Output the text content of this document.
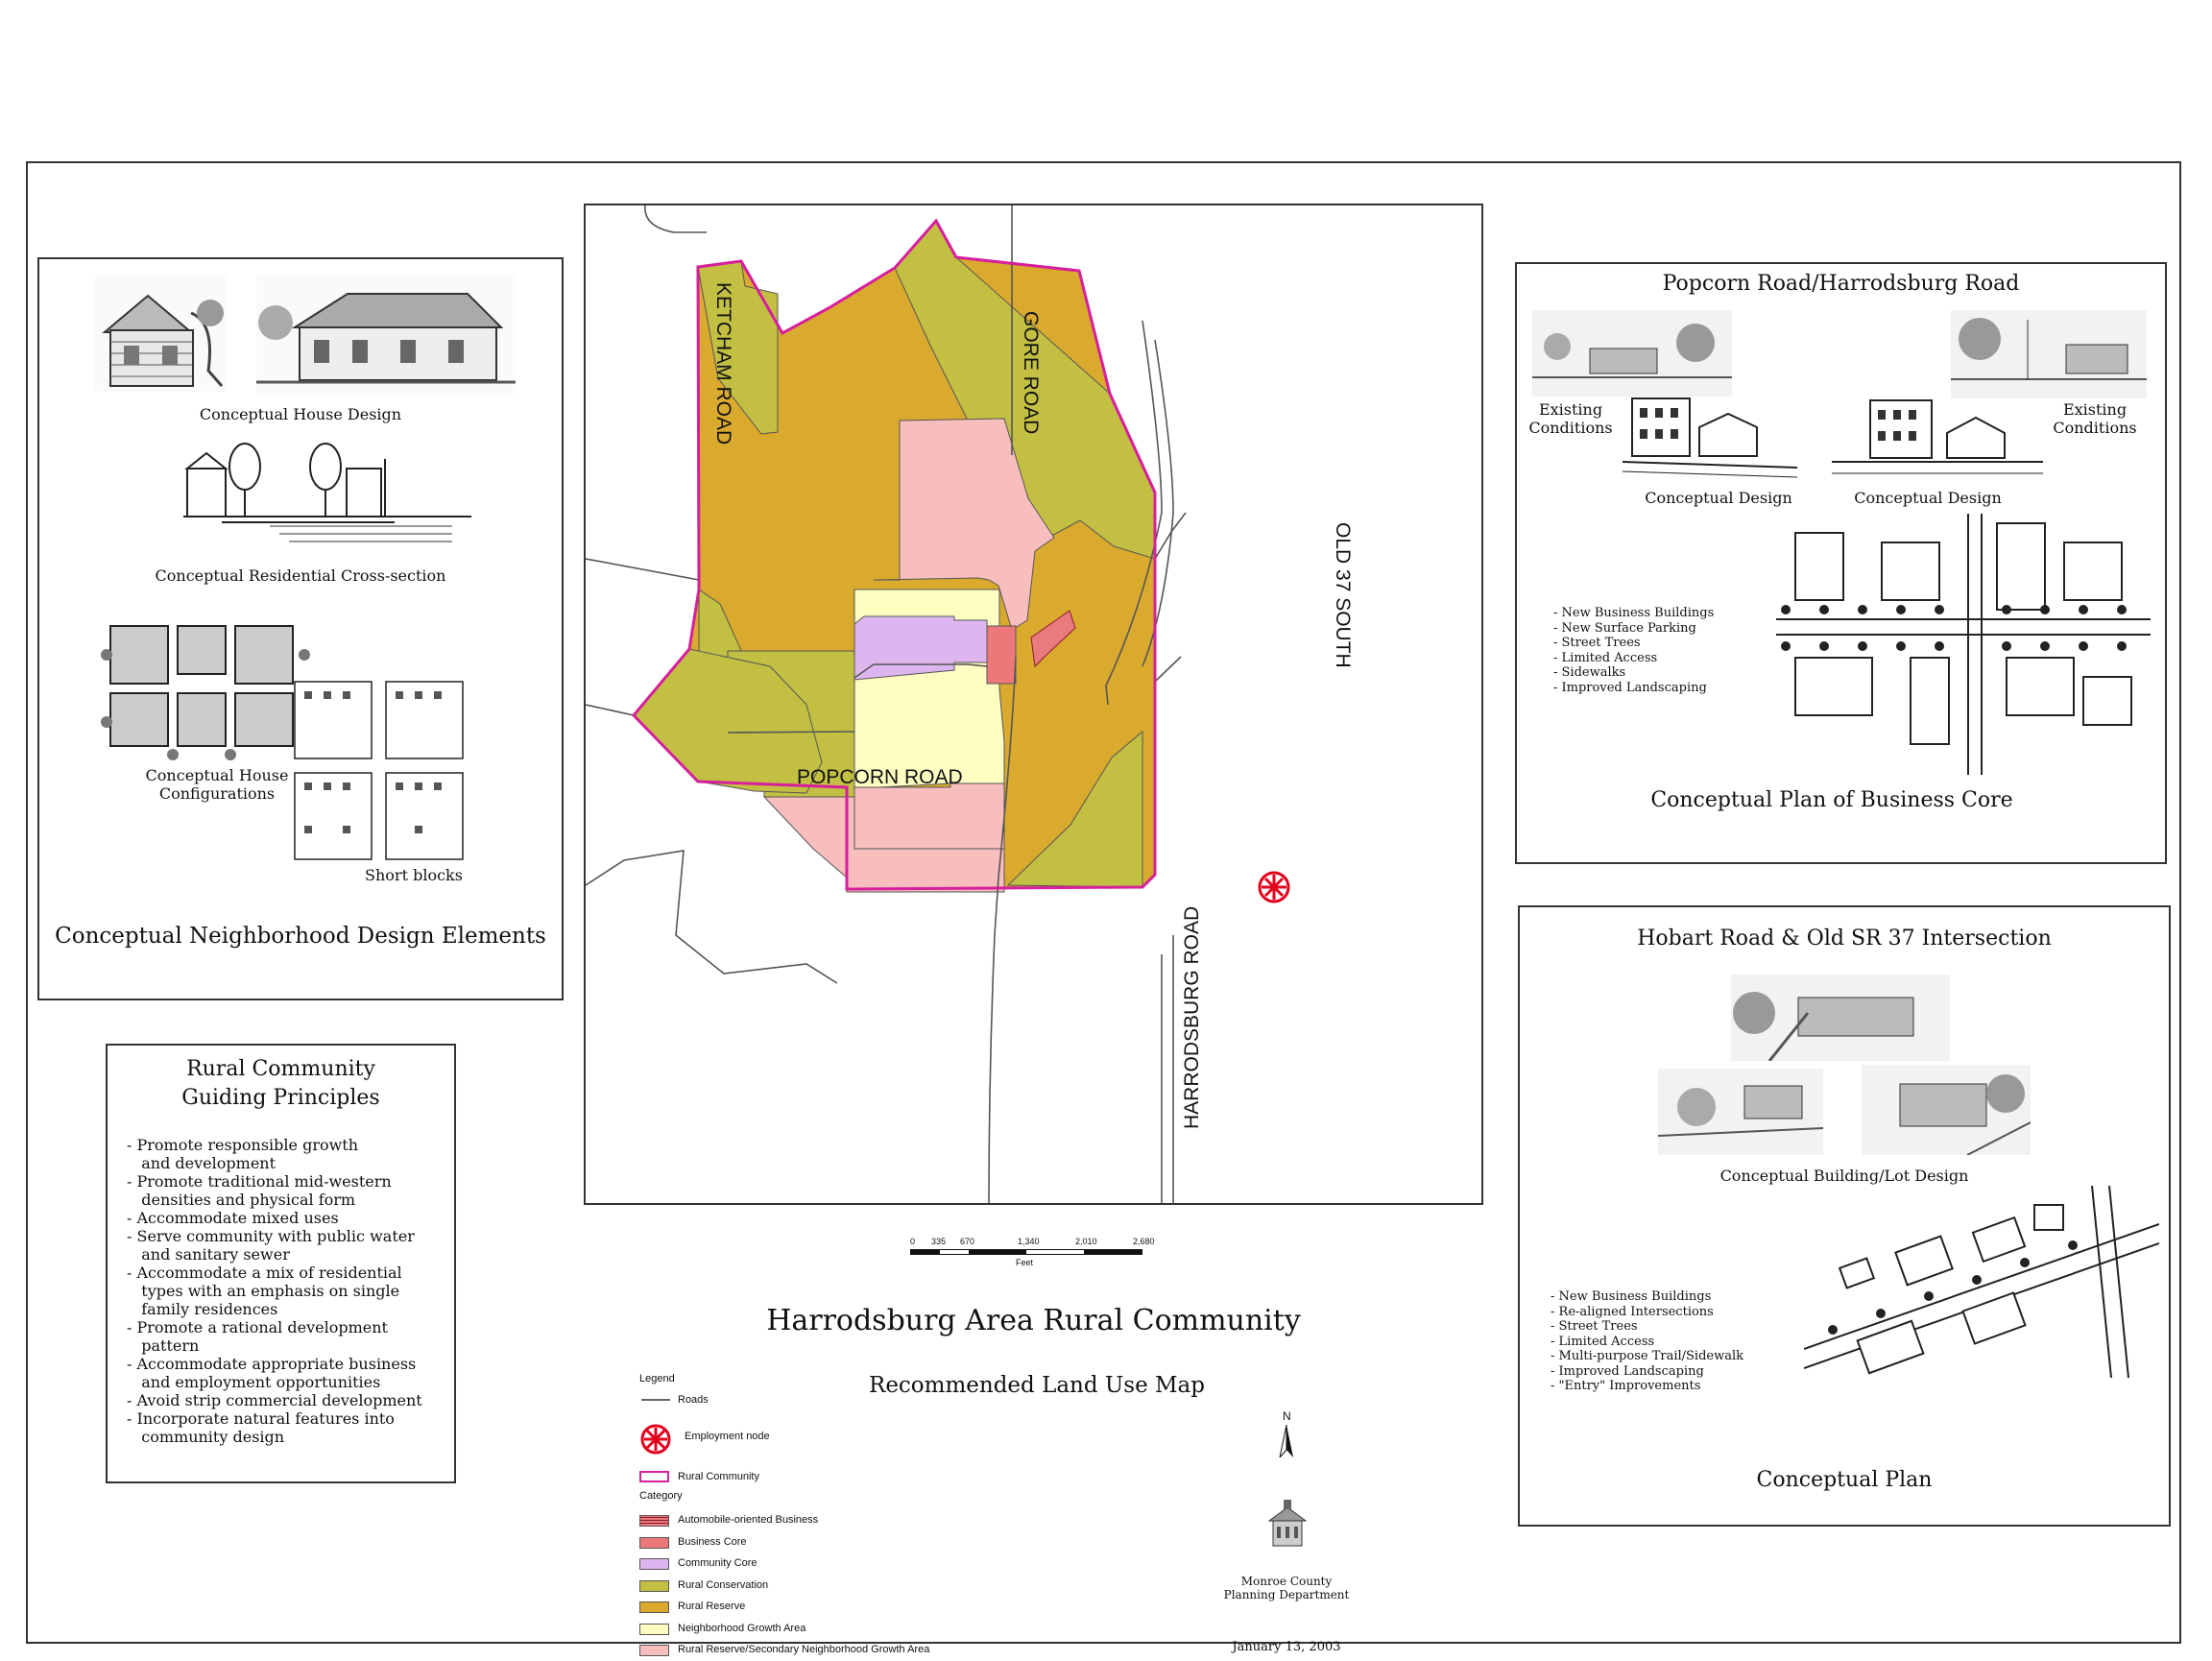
Conceptual House Design
Conceptual Residential Cross-section
Conceptual House
Configurations
Short blocks
Conceptual Neighborhood Design Elements
Rural Community
Guiding Principles
- Promote responsible growth
and development
- Promote traditional mid-western
densities and physical form
- Accommodate mixed uses
- Serve community with public water
and sanitary sewer
- Accommodate a mix of residential
types with an emphasis on single
family residences
- Promote a rational development
pattern
- Accommodate appropriate business
and employment opportunities
- Avoid strip commercial development
- Incorporate natural features into
community design
KETCHAM ROAD	GORE ROAD
OLD 37 SOUTH
POPCORN ROAD
HARRODSBURG ROAD
0 335 670	1,340	2,010	2,680
Feet
Harrodsburg Area Rural Community
Recommended Land Use Map
Legend
Roads
Employment node
Rural Community
Category
Automobile-oriented Business
Business Core
Community Core
Rural Conservation
Rural Reserve
Neighborhood Growth Area
Rural Reserve/Secondary Neighborhood Growth Area
N
Monroe County
Planning Department
January 13, 2003
Popcorn Road/Harrodsburg Road
Existing
Conditions
Existing
Conditions
Conceptual Design	Conceptual Design
- New Business Buildings
- New Surface Parking
- Street Trees
- Limited Access
- Sidewalks
- Improved Landscaping
Conceptual Plan of Business Core
Hobart Road & Old SR 37 Intersection
Conceptual Building/Lot Design
- New Business Buildings
- Re-aligned Intersections
- Street Trees
- Limited Access
- Multi-purpose Trail/Sidewalk
- Improved Landscaping
- "Entry" Improvements
Conceptual Plan
